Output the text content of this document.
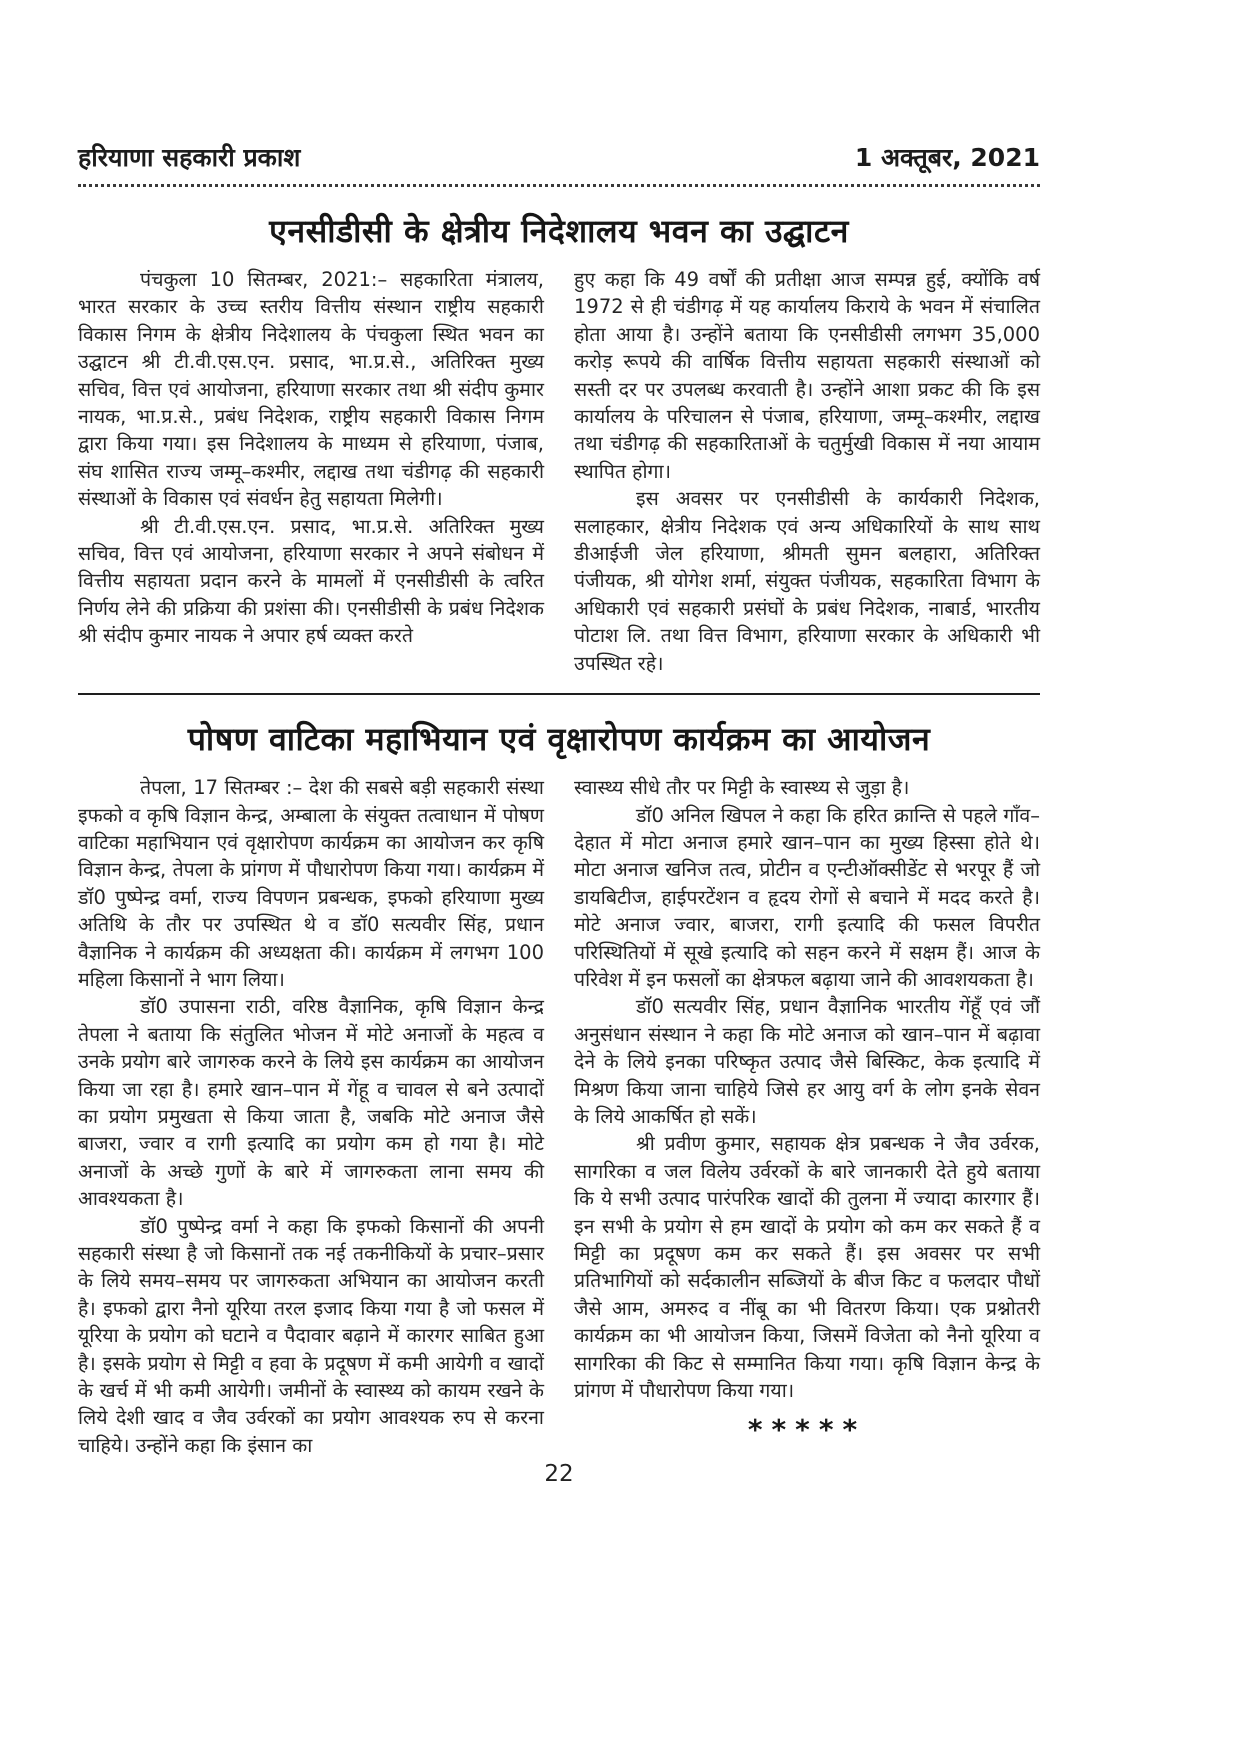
हरियाणा सहकारी प्रकाश	1 अक्तूबर, 2021
एनसीडीसी के क्षेत्रीय निदेशालय भवन का उद्घाटन

पंचकुला 10 सितम्बर, 2021:– सहकारिता मंत्रालय, भारत सरकार के उच्च स्तरीय वित्तीय संस्थान राष्ट्रीय सहकारी विकास निगम के क्षेत्रीय निदेशालय के पंचकुला स्थित भवन का उद्घाटन श्री टी.वी.एस.एन. प्रसाद, भा.प्र.से., अतिरिक्त मुख्य सचिव, वित्त एवं आयोजना, हरियाणा सरकार तथा श्री संदीप कुमार नायक, भा.प्र.से., प्रबंध निदेशक, राष्ट्रीय सहकारी विकास निगम द्वारा किया गया। इस निदेशालय के माध्यम से हरियाणा, पंजाब, संघ शासित राज्य जम्मू–कश्मीर, लद्दाख तथा चंडीगढ़ की सहकारी संस्थाओं के विकास एवं संवर्धन हेतु सहायता मिलेगी।

श्री टी.वी.एस.एन. प्रसाद, भा.प्र.से. अतिरिक्त मुख्य सचिव, वित्त एवं आयोजना, हरियाणा सरकार ने अपने संबोधन में वित्तीय सहायता प्रदान करने के मामलों में एनसीडीसी के त्वरित निर्णय लेने की प्रक्रिया की प्रशंसा की। एनसीडीसी के प्रबंध निदेशक श्री संदीप कुमार नायक ने अपार हर्ष व्यक्त करते

हुए कहा कि 49 वर्षों की प्रतीक्षा आज सम्पन्न हुई, क्योंकि वर्ष 1972 से ही चंडीगढ़ में यह कार्यालय किराये के भवन में संचालित होता आया है। उन्होंने बताया कि एनसीडीसी लगभग 35,000 करोड़ रूपये की वार्षिक वित्तीय सहायता सहकारी संस्थाओं को सस्ती दर पर उपलब्ध करवाती है। उन्होंने आशा प्रकट की कि इस कार्यालय के परिचालन से पंजाब, हरियाणा, जम्मू–कश्मीर, लद्दाख तथा चंडीगढ़ की सहकारिताओं के चतुर्मुखी विकास में नया आयाम स्थापित होगा।

इस अवसर पर एनसीडीसी के कार्यकारी निदेशक, सलाहकार, क्षेत्रीय निदेशक एवं अन्य अधिकारियों के साथ साथ डीआईजी जेल हरियाणा, श्रीमती सुमन बलहारा, अतिरिक्त पंजीयक, श्री योगेश शर्मा, संयुक्त पंजीयक, सहकारिता विभाग के अधिकारी एवं सहकारी प्रसंघों के प्रबंध निदेशक, नाबार्ड, भारतीय पोटाश लि. तथा वित्त विभाग, हरियाणा सरकार के अधिकारी भी उपस्थित रहे।

पोषण वाटिका महाभियान एवं वृक्षारोपण कार्यक्रम का आयोजन

तेपला, 17 सितम्बर :– देश की सबसे बड़ी सहकारी संस्था इफको व कृषि विज्ञान केन्द्र, अम्बाला के संयुक्त तत्वाधान में पोषण वाटिका महाभियान एवं वृक्षारोपण कार्यक्रम का आयोजन कर कृषि विज्ञान केन्द्र, तेपला के प्रांगण में पौधारोपण किया गया। कार्यक्रम में डॉ0 पुष्पेन्द्र वर्मा, राज्य विपणन प्रबन्धक, इफको हरियाणा मुख्य अतिथि के तौर पर उपस्थित थे व डॉ0 सत्यवीर सिंह, प्रधान वैज्ञानिक ने कार्यक्रम की अध्यक्षता की। कार्यक्रम में लगभग 100 महिला किसानों ने भाग लिया।

डॉ0 उपासना राठी, वरिष्ठ वैज्ञानिक, कृषि विज्ञान केन्द्र तेपला ने बताया कि संतुलित भोजन में मोटे अनाजों के महत्व व उनके प्रयोग बारे जागरुक करने के लिये इस कार्यक्रम का आयोजन किया जा रहा है। हमारे खान–पान में गेंहू व चावल से बने उत्पादों का प्रयोग प्रमुखता से किया जाता है, जबकि मोटे अनाज जैसे बाजरा, ज्वार व रागी इत्यादि का प्रयोग कम हो गया है। मोटे अनाजों के अच्छे गुणों के बारे में जागरुकता लाना समय की आवश्यकता है।

डॉ0 पुष्पेन्द्र वर्मा ने कहा कि इफको किसानों की अपनी सहकारी संस्था है जो किसानों तक नई तकनीकियों के प्रचार–प्रसार के लिये समय–समय पर जागरुकता अभियान का आयोजन करती है। इफको द्वारा नैनो यूरिया तरल इजाद किया गया है जो फसल में यूरिया के प्रयोग को घटाने व पैदावार बढ़ाने में कारगर साबित हुआ है। इसके प्रयोग से मिट्टी व हवा के प्रदूषण में कमी आयेगी व खादों के खर्च में भी कमी आयेगी। जमीनों के स्वास्थ्य को कायम रखने के लिये देशी खाद व जैव उर्वरकों का प्रयोग आवश्यक रुप से करना चाहिये। उन्होंने कहा कि इंसान का

स्वास्थ्य सीधे तौर पर मिट्टी के स्वास्थ्य से जुड़ा है।

डॉ0 अनिल खिपल ने कहा कि हरित क्रान्ति से पहले गाँव–देहात में मोटा अनाज हमारे खान–पान का मुख्य हिस्सा होते थे। मोटा अनाज खनिज तत्व, प्रोटीन व एन्टीऑक्सीडेंट से भरपूर हैं जो डायबिटीज, हाईपरटेंशन व हृदय रोगों से बचाने में मदद करते है। मोटे अनाज ज्वार, बाजरा, रागी इत्यादि की फसल विपरीत परिस्थितियों में सूखे इत्यादि को सहन करने में सक्षम हैं। आज के परिवेश में इन फसलों का क्षेत्रफल बढ़ाया जाने की आवशयकता है।

डॉ0 सत्यवीर सिंह, प्रधान वैज्ञानिक भारतीय गेंहूँ एवं जौं अनुसंधान संस्थान ने कहा कि मोटे अनाज को खान–पान में बढ़ावा देने के लिये इनका परिष्कृत उत्पाद जैसे बिस्किट, केक इत्यादि में मिश्रण किया जाना चाहिये जिसे हर आयु वर्ग के लोग इनके सेवन के लिये आकर्षित हो सकें।

श्री प्रवीण कुमार, सहायक क्षेत्र प्रबन्धक ने जैव उर्वरक, सागरिका व जल विलेय उर्वरकों के बारे जानकारी देते हुये बताया कि ये सभी उत्पाद पारंपरिक खादों की तुलना में ज्यादा कारगार हैं। इन सभी के प्रयोग से हम खादों के प्रयोग को कम कर सकते हैं व मिट्टी का प्रदूषण कम कर सकते हैं। इस अवसर पर सभी प्रतिभागियों को सर्दकालीन सब्जियों के बीज किट व फलदार पौधों जैसे आम, अमरुद व नींबू का भी वितरण किया। एक प्रश्नोतरी कार्यक्रम का भी आयोजन किया, जिसमें विजेता को नैनो यूरिया व सागरिका की किट से सम्मानित किया गया। कृषि विज्ञान केन्द्र के प्रांगण में पौधारोपण किया गया।

*****
22
